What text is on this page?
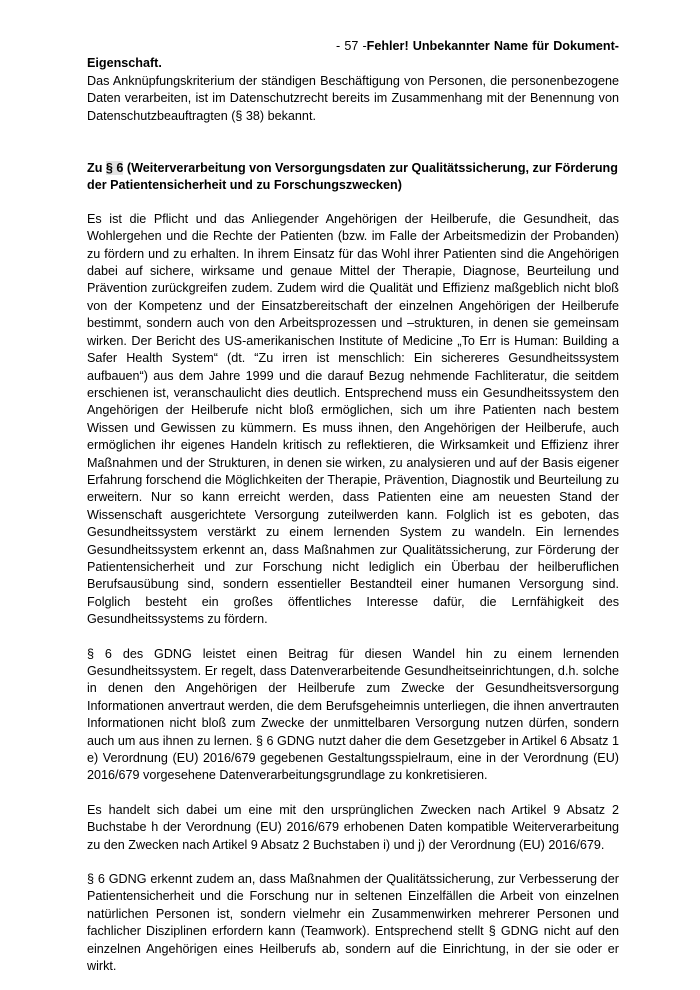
- 57 -Fehler! Unbekannter Name für Dokument-Eigenschaft.

Das Anknüpfungskriterium der ständigen Beschäftigung von Personen, die personenbezogene Daten verarbeiten, ist im Datenschutzrecht bereits im Zusammenhang mit der Benennung von Datenschutzbeauftragten (§ 38) bekannt.

Zu § 6 (Weiterverarbeitung von Versorgungsdaten zur Qualitätssicherung, zur Förderung der Patientensicherheit und zu Forschungszwecken)

Es ist die Pflicht und das Anliegender Angehörigen der Heilberufe, die Gesundheit, das Wohlergehen und die Rechte der Patienten (bzw. im Falle der Arbeitsmedizin der Probanden) zu fördern und zu erhalten. In ihrem Einsatz für das Wohl ihrer Patienten sind die Angehörigen dabei auf sichere, wirksame und genaue Mittel der Therapie, Diagnose, Beurteilung und Prävention zurückgreifen zudem. Zudem wird die Qualität und Effizienz maßgeblich nicht bloß von der Kompetenz und der Einsatzbereitschaft der einzelnen Angehörigen der Heilberufe bestimmt, sondern auch von den Arbeitsprozessen und –strukturen, in denen sie gemeinsam wirken. Der Bericht des US-amerikanischen Institute of Medicine „To Err is Human: Building a Safer Health System“ (dt. “Zu irren ist menschlich: Ein sichereres Gesundheitssystem aufbauen“) aus dem Jahre 1999 und die darauf Bezug nehmende Fachliteratur, die seitdem erschienen ist, veranschaulicht dies deutlich. Entsprechend muss ein Gesundheitssystem den Angehörigen der Heilberufe nicht bloß ermöglichen, sich um ihre Patienten nach bestem Wissen und Gewissen zu kümmern. Es muss ihnen, den Angehörigen der Heilberufe, auch ermöglichen ihr eigenes Handeln kritisch zu reflektieren, die Wirksamkeit und Effizienz ihrer Maßnahmen und der Strukturen, in denen sie wirken, zu analysieren und auf der Basis eigener Erfahrung forschend die Möglichkeiten der Therapie, Prävention, Diagnostik und Beurteilung zu erweitern. Nur so kann erreicht werden, dass Patienten eine am neuesten Stand der Wissenschaft ausgerichtete Versorgung zuteilwerden kann. Folglich ist es geboten, das Gesundheitssystem verstärkt zu einem lernenden System zu wandeln. Ein lernendes Gesundheitssystem erkennt an, dass Maßnahmen zur Qualitätssicherung, zur Förderung der Patientensicherheit und zur Forschung nicht lediglich ein Überbau der heilberuflichen Berufsausübung sind, sondern essentieller Bestandteil einer humanen Versorgung sind. Folglich besteht ein großes öffentliches Interesse dafür, die Lernfähigkeit des Gesundheitssystems zu fördern.

§ 6 des GDNG leistet einen Beitrag für diesen Wandel hin zu einem lernenden Gesundheitssystem. Er regelt, dass Datenverarbeitende Gesundheitseinrichtungen, d.h. solche in denen den Angehörigen der Heilberufe zum Zwecke der Gesundheitsversorgung Informationen anvertraut werden, die dem Berufsgeheimnis unterliegen, die ihnen anvertrauten Informationen nicht bloß zum Zwecke der unmittelbaren Versorgung nutzen dürfen, sondern auch um aus ihnen zu lernen. § 6 GDNG nutzt daher die dem Gesetzgeber in Artikel 6 Absatz 1 e) Verordnung (EU) 2016/679 gegebenen Gestaltungsspielraum, eine in der Verordnung (EU) 2016/679 vorgesehene Datenverarbeitungsgrundlage zu konkretisieren.

Es handelt sich dabei um eine mit den ursprünglichen Zwecken nach Artikel 9 Absatz 2 Buchstabe h der Verordnung (EU) 2016/679 erhobenen Daten kompatible Weiterverarbeitung zu den Zwecken nach Artikel 9 Absatz 2 Buchstaben i) und j) der Verordnung (EU) 2016/679.

§ 6 GDNG erkennt zudem an, dass Maßnahmen der Qualitätssicherung, zur Verbesserung der Patientensicherheit und die Forschung nur in seltenen Einzelfällen die Arbeit von einzelnen natürlichen Personen ist, sondern vielmehr ein Zusammenwirken mehrerer Personen und fachlicher Disziplinen erfordern kann (Teamwork). Entsprechend stellt § GDNG nicht auf den einzelnen Angehörigen eines Heilberufs ab, sondern auf die Einrichtung, in der sie oder er wirkt.
